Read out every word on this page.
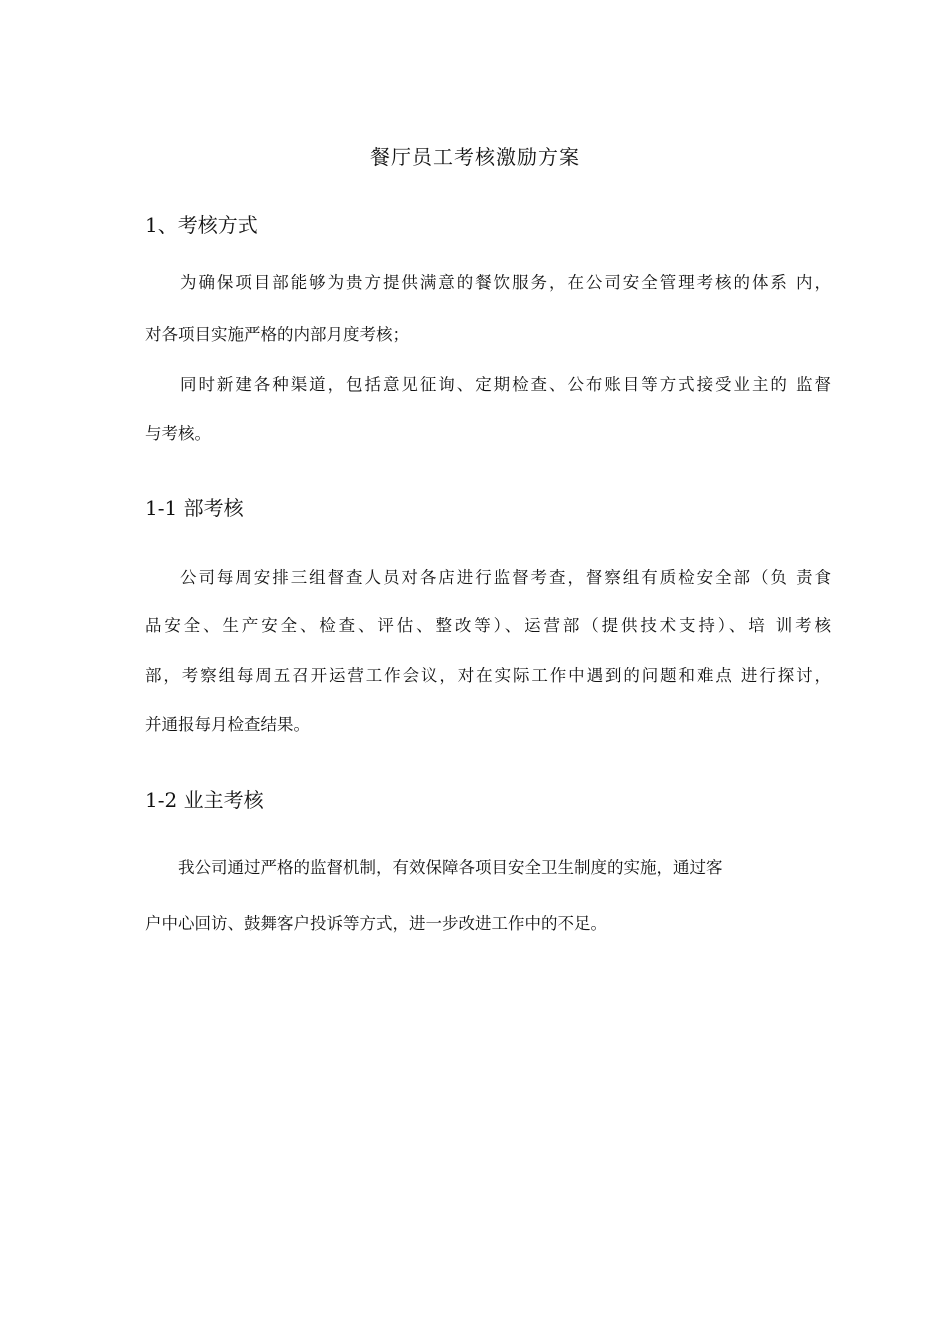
餐厅员工考核激励方案
1、考核方式
为确保项目部能够为贵方提供满意的餐饮服务，在公司安全管理考核的体系 内，
对各项目实施严格的内部月度考核；
同时新建各种渠道，包括意见征询、定期检查、公布账目等方式接受业主的 监督
与考核。
1-1 部考核
公司每周安排三组督查人员对各店进行监督考查，督察组有质检安全部（负 责食
品安全、生产安全、检查、评估、整改等）、运营部（提供技术支持）、培 训考核
部，考察组每周五召开运营工作会议，对在实际工作中遇到的问题和难点 进行探讨，
并通报每月检查结果。
1-2 业主考核
我公司通过严格的监督机制，有效保障各项目安全卫生制度的实施，通过客
户中心回访、鼓舞客户投诉等方式，进一步改进工作中的不足。
